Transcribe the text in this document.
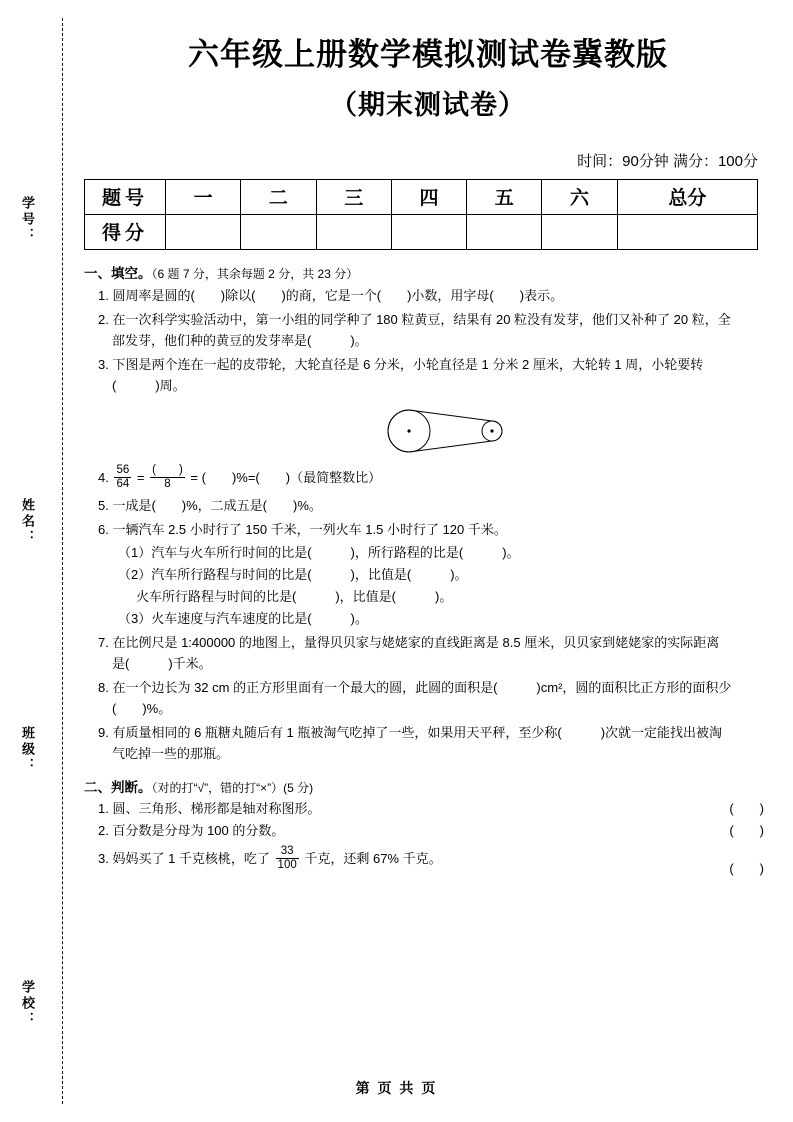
学号：
姓名：
班级：
学校：
六年级上册数学模拟测试卷冀教版
（期末测试卷）
时间：90分钟 满分：100分
题号	一	二	三	四	五	六	总分
得分							
一、填空。（6 题 7 分，其余每题 2 分，共 23 分）
1. 圆周率是圆的(　　)除以(　　)的商，它是一个(　　)小数，用字母(　　)表示。
2. 在一次科学实验活动中，第一小组的同学种了 180 粒黄豆，结果有 20 粒没有发芽，他们又补种了 20 粒，全
部发芽，他们种的黄豆的发芽率是(　　　)。
3. 下图是两个连在一起的皮带轮，大轮直径是 6 分米，小轮直径是 1 分米 2 厘米，大轮转 1 周，小轮要转
(　　　)周。
4. $\frac{56}{64} = \frac{( )}{8}$ = (　　)%=(　　)（最简整数比）
5. 一成是(　　)%，二成五是(　　)%。
6. 一辆汽车 2.5 小时行了 150 千米，一列火车 1.5 小时行了 120 千米。
（1）汽车与火车所行时间的比是(　　　)，所行路程的比是(　　　)。
（2）汽车所行路程与时间的比是(　　　)，比值是(　　　)。
火车所行路程与时间的比是(　　　)，比值是(　　　)。
（3）火车速度与汽车速度的比是(　　　)。
7. 在比例尺是 1:400000 的地图上，量得贝贝家与姥姥家的直线距离是 8.5 厘米，贝贝家到姥姥家的实际距离
是(　　　)千米。
8. 在一个边长为 32 cm 的正方形里面有一个最大的圆，此圆的面积是(　　　)cm²，圆的面积比正方形的面积少
(　　)%。
9. 有质量相同的 6 瓶糖丸随后有 1 瓶被淘气吃掉了一些，如果用天平秤，至少称(　　　)次就一定能找出被淘
气吃掉一些的那瓶。
二、判断。（对的打“√”，错的打“×”）(5 分)
1. 圆、三角形、梯形都是轴对称图形。	(　　)
2. 百分数是分母为 100 的分数。	(　　)
3. 妈妈买了 1 千克核桃，吃了 $\frac{33}{100}$ 千克，还剩 67% 千克。
(　　)
第 页 共 页
